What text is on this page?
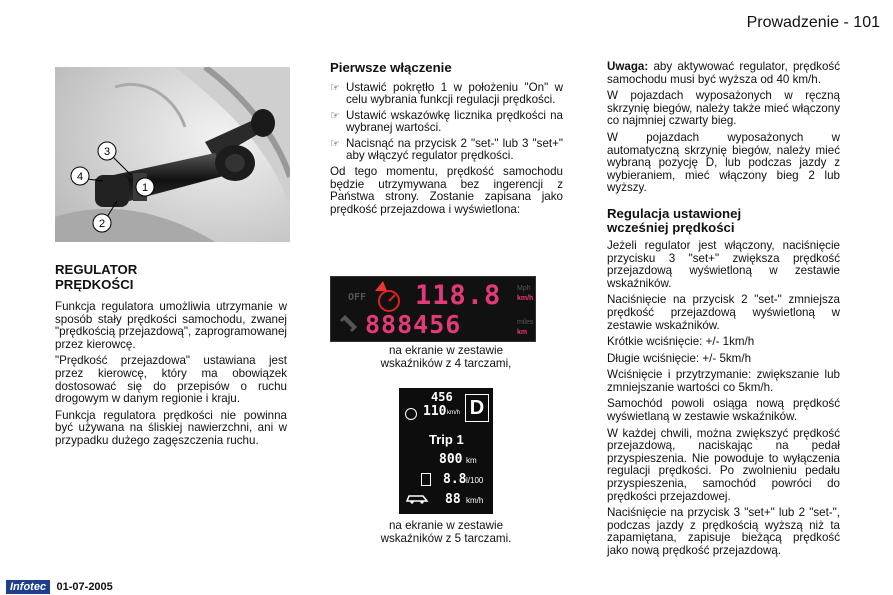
Prowadzenie - 101
3
4
1
2
REGULATOR
PRĘDKOŚCI

Funkcja regulatora umożliwia utrzymanie w sposób stały prędkości samochodu, zwanej "prędkością przejazdową", zaprogramowanej przez kierowcę.

"Prędkość przejazdowa" ustawiana jest przez kierowcę, który ma obowiązek dostosować się do przepisów o ruchu drogowym w danym regionie i kraju.

Funkcja regulatora prędkości nie powinna być używana na śliskiej nawierzchni, ani w przypadku dużego zagęszczenia ruchu.

Pierwsze włączenie
☞ Ustawić pokrętło 1 w położeniu "On" w celu wybrania funkcji regulacji prędkości.
☞ Ustawić wskazówkę licznika prędkości na wybranej wartości.
☞ Nacisnąć na przycisk 2 "set-" lub 3 "set+" aby włączyć regulator prędkości.
Od tego momentu, prędkość samochodu będzie utrzymywana bez ingerencji z Państwa strony. Zostanie zapisana jako prędkość przejazdowa i wyświetlona:
OFF 118.8 Mph
km/h
888456	miles
km
na ekranie w zestawie wskaźników z 4 tarczami,
456
110 km/h D
Trip 1
800 km
8.8 l/100
88 km/h
na ekranie w zestawie wskaźników z 5 tarczami.
Uwaga: aby aktywować regulator, prędkość samochodu musi być wyższa od 40 km/h.

W pojazdach wyposażonych w ręczną skrzynię biegów, należy także mieć włączony co najmniej czwarty bieg.

W pojazdach wyposażonych w automatyczną skrzynię biegów, należy mieć wybraną pozycję D, lub podczas jazdy z wybieraniem, mieć włączony bieg 2 lub wyższy.

Regulacja ustawionej wcześniej prędkości

Jeżeli regulator jest włączony, naciśnięcie przycisku 3 "set+" zwiększa prędkość przejazdową wyświetloną w zestawie wskaźników.

Naciśnięcie na przycisk 2 "set-" zmniejsza prędkość przejazdową wyświetloną w zestawie wskaźników.

Krótkie wciśnięcie: +/- 1km/h

Długie wciśnięcie: +/- 5km/h

Wciśnięcie i przytrzymanie: zwiększanie lub zmniejszanie wartości co 5km/h.

Samochód powoli osiąga nową prędkość wyświetlaną w zestawie wskaźników.

W każdej chwili, można zwiększyć prędkość przejazdową, naciskając na pedał przyspieszenia. Nie powoduje to wyłączenia regulacji prędkości. Po zwolnieniu pedału przyspieszenia, samochód powróci do prędkości przejazdowej.

Naciśnięcie na przycisk 3 "set+" lub 2 "set-", podczas jazdy z prędkością wyższą niż ta zapamiętana, zapisuje bieżącą prędkość jako nową prędkość przejazdową.

Infotec 01-07-2005
